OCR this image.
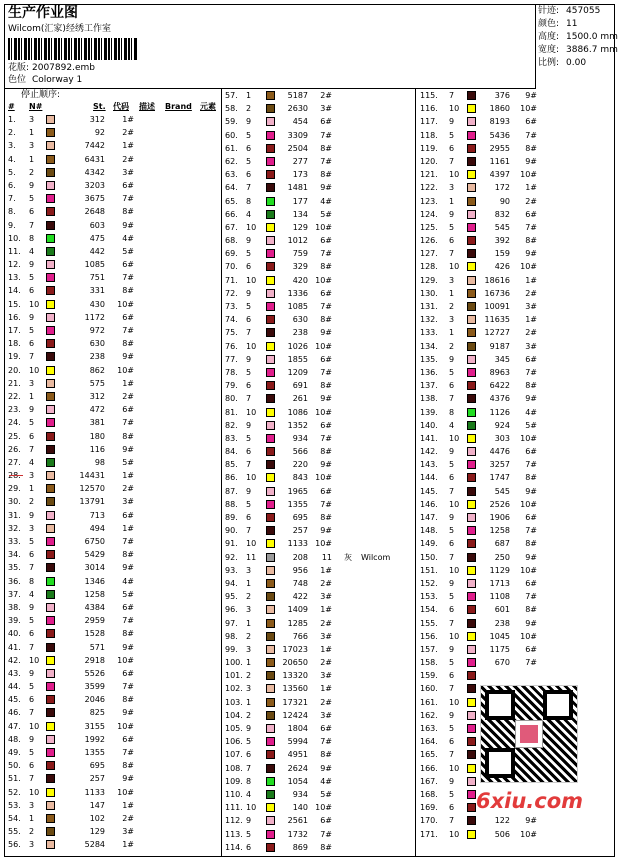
生产作业图
Wilcom(汇家)经绣工作室
花版: 2007892.emb
色位 Colorway 1
针迹: 457055
颜色: 11
高度: 1500.0 mm
宽度: 3886.7 mm
比例: 0.00
停止顺序:
# N#	St. 代码 描述 Brand 元素
1. 3	312	1#
2. 1	92	2#
3. 3	7442	1#
4. 1	6431	2#
5. 2	4342	3#
6. 9	3203	6#
7. 5	3675	7#
8. 6	2648	8#
9. 7	603	9#
10. 8	475	4#
11. 4	442	5#
12. 9	1085	6#
13. 5	751	7#
14. 6	331	8#
15. 10	430	10#
16. 9	1172	6#
17. 5	972	7#
18. 6	630	8#
19. 7	238	9#
20. 10	862	10#
21. 3	575	1#
22. 1	312	2#
23. 9	472	6#
24. 5	381	7#
25. 6	180	8#
26. 7	116	9#
27. 4	98	5#
28. 3	14431	1#
29. 1	12570	2#
30. 2	13791	3#
31. 9	713	6#
32. 3	494	1#
33. 5	6750	7#
34. 6	5429	8#
35. 7	3014	9#
36. 8	1346	4#
37. 4	1258	5#
38. 9	4384	6#
39. 5	2959	7#
40. 6	1528	8#
41. 7	571	9#
42. 10	2918	10#
43. 9	5526	6#
44. 5	3599	7#
45. 6	2046	8#
46. 7	825	9#
47. 10	3155	10#
48. 9	1992	6#
49. 5	1355	7#
50. 6	695	8#
51. 7	257	9#
52. 10	1133	10#
53. 3	147	1#
54. 1	102	2#
55. 2	129	3#
56. 3	5284	1#
57. 1	5187	2#
58. 2	2630	3#
59. 9	454	6#
60. 5	3309	7#
61. 6	2504	8#
62. 5	277	7#
63. 6	173	8#
64. 7	1481	9#
65. 8	177	4#
66. 4	134	5#
67. 10	129 10#
68. 9	1012	6#
69. 5	759	7#
70. 6	329	8#
71. 10	420 10#
72. 9	1336	6#
73. 5	1085	7#
74. 6	630	8#
75. 7	238	9#
76. 10	1026 10#
77. 9	1855	6#
78. 5	1209	7#
79. 6	691	8#
80. 7	261	9#
81. 10	1086 10#
82. 9	1352	6#
83. 5	934	7#
84. 6	566	8#
85. 7	220	9#
86. 10	843 10#
87. 9	1965	6#
88. 5	1355	7#
89. 6	695	8#
90. 7	257	9#
91. 10	1133 10#
92. 11	208	11 灰 Wilcom
93. 3	956	1#
94. 1	748	2#
95. 2	422	3#
96. 3	1409	1#
97. 1	1285	2#
98. 2	766	3#
99. 3	17023	1#
100. 1	20650	2#
101. 2	13320	3#
102. 3	13560	1#
103. 1	17321	2#
104. 2	12424	3#
105. 9	1804	6#
106. 5	5994	7#
107. 6	4951	8#
108. 7	2624	9#
109. 8	1054	4#
110. 4	934	5#
111. 10	140 10#
112. 9	2561	6#
113. 5	1732	7#
114. 6	869	8#
115. 7	376	9#
116. 10	1860	10#
117. 9	8193	6#
118. 5	5436	7#
119. 6	2955	8#
120. 7	1161	9#
121. 10	4397	10#
122. 3	172	1#
123. 1	90	2#
124. 9	832	6#
125. 5	545	7#
126. 6	392	8#
127. 7	159	9#
128. 10	426	10#
129. 3	18616	1#
130. 1	16736	2#
131. 2	10091	3#
132. 3	11635	1#
133. 1	12727	2#
134. 2	9187	3#
135. 9	345	6#
136. 5	8963	7#
137. 6	6422	8#
138. 7	4376	9#
139. 8	1126	4#
140. 4	924	5#
141. 10	303	10#
142. 9	4476	6#
143. 5	3257	7#
144. 6	1747	8#
145. 7	545	9#
146. 10	2526	10#
147. 9	1906	6#
148. 5	1258	7#
149. 6	687	8#
150. 7	250	9#
151. 10	1129	10#
152. 9	1713	6#
153. 5	1108	7#
154. 6	601	8#
155. 7	238	9#
156. 10	1045	10#
157. 9	1175	6#
158. 5	670	7#
159. 6
160. 7
161. 10
162. 9
163. 5
164. 6
165. 7
166. 10
167. 9
168. 5
169. 6
170. 7	122	9#
171. 10	506	10#
6xiu.com
